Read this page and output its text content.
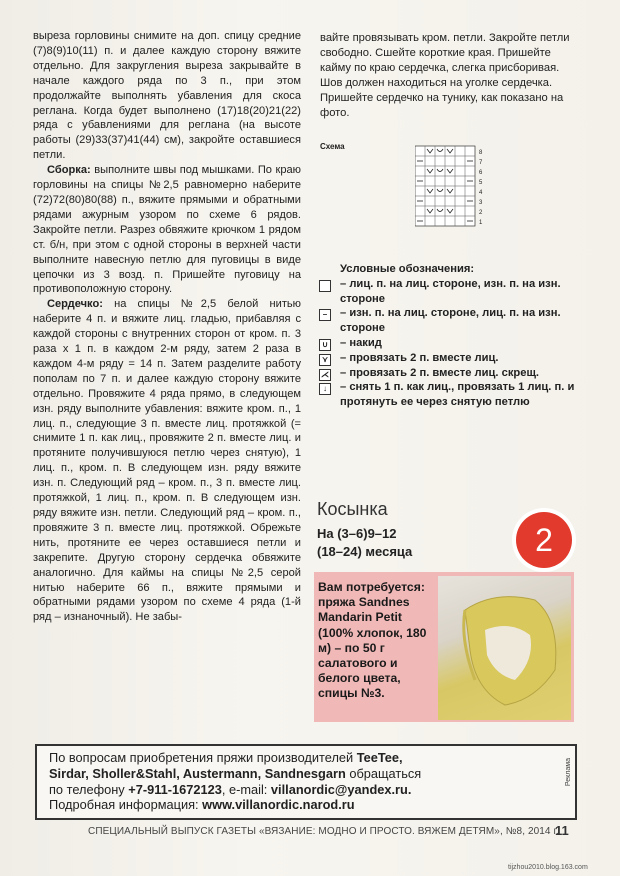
выреза горловины снимите на доп. спицу средние (7)8(9)10(11) п. и далее каждую сторону вяжите отдельно. Для закругления выреза закрывайте в начале каждого ряда по 3 п., при этом продолжайте выполнять убавления для скоса реглана. Когда будет выполнено (17)18(20)21(22) ряда с убавлениями для реглана (на высоте работы (29)33(37)41(44) см), закройте оставшиеся петли.

Сборка: выполните швы под мышками. По краю горловины на спицы №2,5 равномерно наберите (72)72(80)80(88) п., вяжите прямыми и обратными рядами ажурным узором по схеме 6 рядов. Закройте петли. Разрез обвяжите крючком 1 рядом ст. б/н, при этом с одной стороны в верхней части выполните навесную петлю для пуговицы в виде цепочки из 3 возд. п. Пришейте пуговицу на противоположную сторону.

Сердечко: на спицы №2,5 белой нитью наберите 4 п. и вяжите лиц. гладью, прибавляя с каждой стороны с внутренних сторон от кром. п. 3 раза х 1 п. в каждом 2-м ряду, затем 2 раза в каждом 4-м ряду = 14 п. Затем разделите работу пополам по 7 п. и далее каждую сторону вяжите отдельно. Провяжите 4 ряда прямо, в следующем изн. ряду выполните убавления: вяжите кром. п., 1 лиц. п., следующие 3 п. вместе лиц. протяжкой (= снимите 1 п. как лиц., провяжите 2 п. вместе лиц. и протяните получившуюся петлю через снятую), 1 лиц. п., кром. п. В следующем изн. ряду вяжите изн. п. Следующий ряд – кром. п., 3 п. вместе лиц. протяжкой, 1 лиц. п., кром. п. В следующем изн. ряду вяжите изн. петли. Следующий ряд – кром. п., провяжите 3 п. вместе лиц. протяжкой. Обрежьте нить, протяните ее через оставшиеся петли и закрепите. Другую сторону сердечка обвяжите аналогично. Для каймы на спицы №2,5 серой нитью наберите 66 п., вяжите прямыми и обратными рядами узором по схеме 4 ряда (1-й ряд – изнаночный). Не забы-

вайте провязывать кром. петли. Закройте петли свободно. Сшейте короткие края. Пришейте кайму по краю сердечка, слегка присборивая. Шов должен находиться на уголке сердечка. Пришейте сердечко на тунику, как показано на фото.
Схема
8
7
6
5
4
3
2
1
Условные обозначения:
– лиц. п. на лиц. стороне, изн. п. на изн. стороне
–	– изн. п. на лиц. стороне, лиц. п. на изн. стороне
∪ – накид
⋎ – провязать 2 п. вместе лиц.
⋌ – провязать 2 п. вместе лиц. скрещ.
↓	– снять 1 п. как лиц., провязать 1 лиц. п. и протянуть ее через снятую петлю
Косынка
На (3–6)9–12
(18–24) месяца
Вам потребуется: пряжа Sandnes Mandarin Petit (100% хлопок, 180 м) – по 50 г салатового и белого цвета, спицы №3.
2
По вопросам приобретения пряжи производителей TeeTee,
Sirdar, Sholler&Stahl, Austermann, Sandnesgarn обращаться
по телефону +7-911-1672123, e-mail: villanordic@yandex.ru.
Подробная информация: www.villanordic.narod.ru
Реклама
СПЕЦИАЛЬНЫЙ ВЫПУСК ГАЗЕТЫ «ВЯЗАНИЕ: МОДНО И ПРОСТО. ВЯЖЕМ ДЕТЯМ», №8, 2014 г.
11
tijzhou2010.blog.163.com
